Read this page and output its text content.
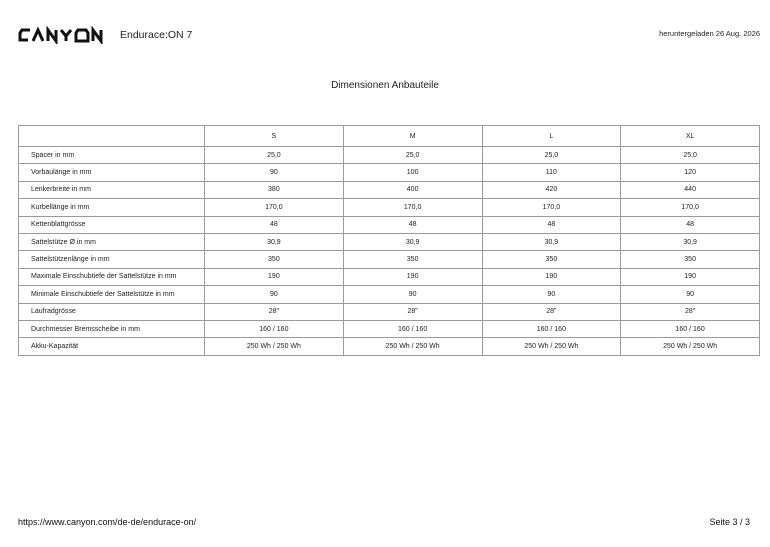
Endurace:ON 7	heruntergeladen 26 Aug. 2026
Dimensionen Anbauteile
	S	M	L	XL
Spacer in mm	25,0	25,0	25,0	25,0
Vorbaulänge in mm	90	100	110	120
Lenkerbreite in mm	380	400	420	440
Kurbellänge in mm	170,0	170,0	170,0	170,0
Kettenblattgrösse	48	48	48	48
Sattelstütze Ø in mm	30,9	30,9	30,9	30,9
Sattelstützenlänge in mm	350	350	350	350
Maximale Einschubtiefe der Sattelstütze in mm	190	190	190	190
Minimale Einschubtiefe der Sattelstütze in mm	90	90	90	90
Laufradgrösse	28"	28"	28"	28"
Durchmesser Bremsscheibe in mm	160 / 160	160 / 160	160 / 160	160 / 160
Akku-Kapazität	250 Wh / 250 Wh	250 Wh / 250 Wh	250 Wh / 250 Wh	250 Wh / 250 Wh
https://www.canyon.com/de-de/endurace-on/	Seite 3 / 3
